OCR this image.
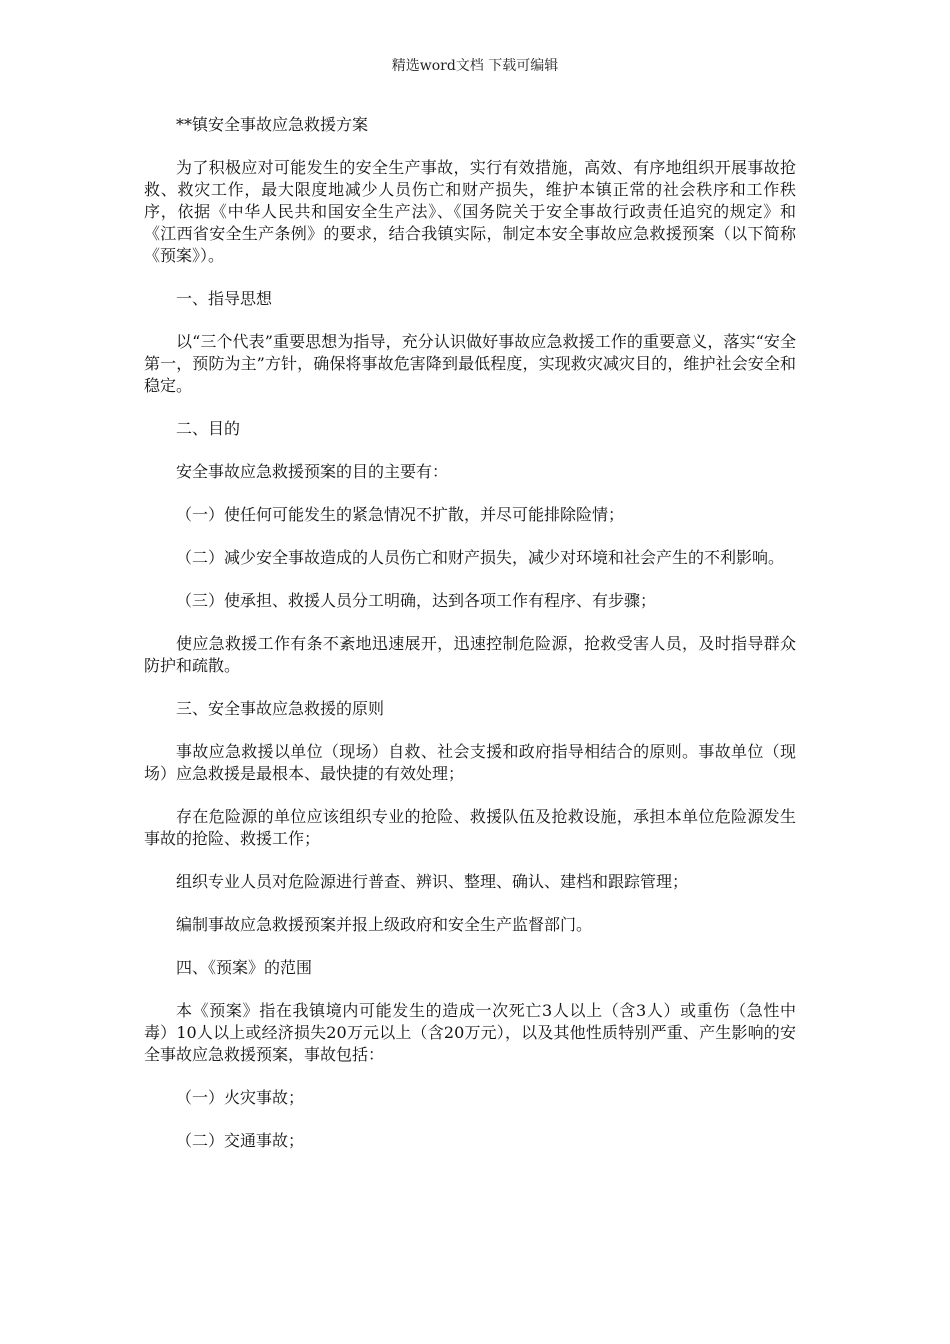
精选word文档 下载可编辑

**镇安全事故应急救援方案

为了积极应对可能发生的安全生产事故，实行有效措施，高效、有序地组织开展事故抢救、救灾工作，最大限度地减少人员伤亡和财产损失，维护本镇正常的社会秩序和工作秩序，依据《中华人民共和国安全生产法》、《国务院关于安全事故行政责任追究的规定》和《江西省安全生产条例》的要求，结合我镇实际，制定本安全事故应急救援预案（以下简称《预案》）。

一、指导思想

以“三个代表”重要思想为指导，充分认识做好事故应急救援工作的重要意义，落实“安全第一，预防为主”方针，确保将事故危害降到最低程度，实现救灾减灾目的，维护社会安全和稳定。

二、目的

安全事故应急救援预案的目的主要有：

（一）使任何可能发生的紧急情况不扩散，并尽可能排除险情；

（二）减少安全事故造成的人员伤亡和财产损失，减少对环境和社会产生的不利影响。

（三）使承担、救援人员分工明确，达到各项工作有程序、有步骤；

使应急救援工作有条不紊地迅速展开，迅速控制危险源，抢救受害人员，及时指导群众防护和疏散。

三、安全事故应急救援的原则

事故应急救援以单位（现场）自救、社会支援和政府指导相结合的原则。事故单位（现场）应急救援是最根本、最快捷的有效处理；

存在危险源的单位应该组织专业的抢险、救援队伍及抢救设施，承担本单位危险源发生事故的抢险、救援工作；

组织专业人员对危险源进行普查、辨识、整理、确认、建档和跟踪管理；

编制事故应急救援预案并报上级政府和安全生产监督部门。

四、《预案》的范围

本《预案》指在我镇境内可能发生的造成一次死亡3人以上（含3人）或重伤（急性中毒）10人以上或经济损失20万元以上（含20万元），以及其他性质特别严重、产生影响的安全事故应急救援预案，事故包括：

（一）火灾事故；

（二）交通事故；
